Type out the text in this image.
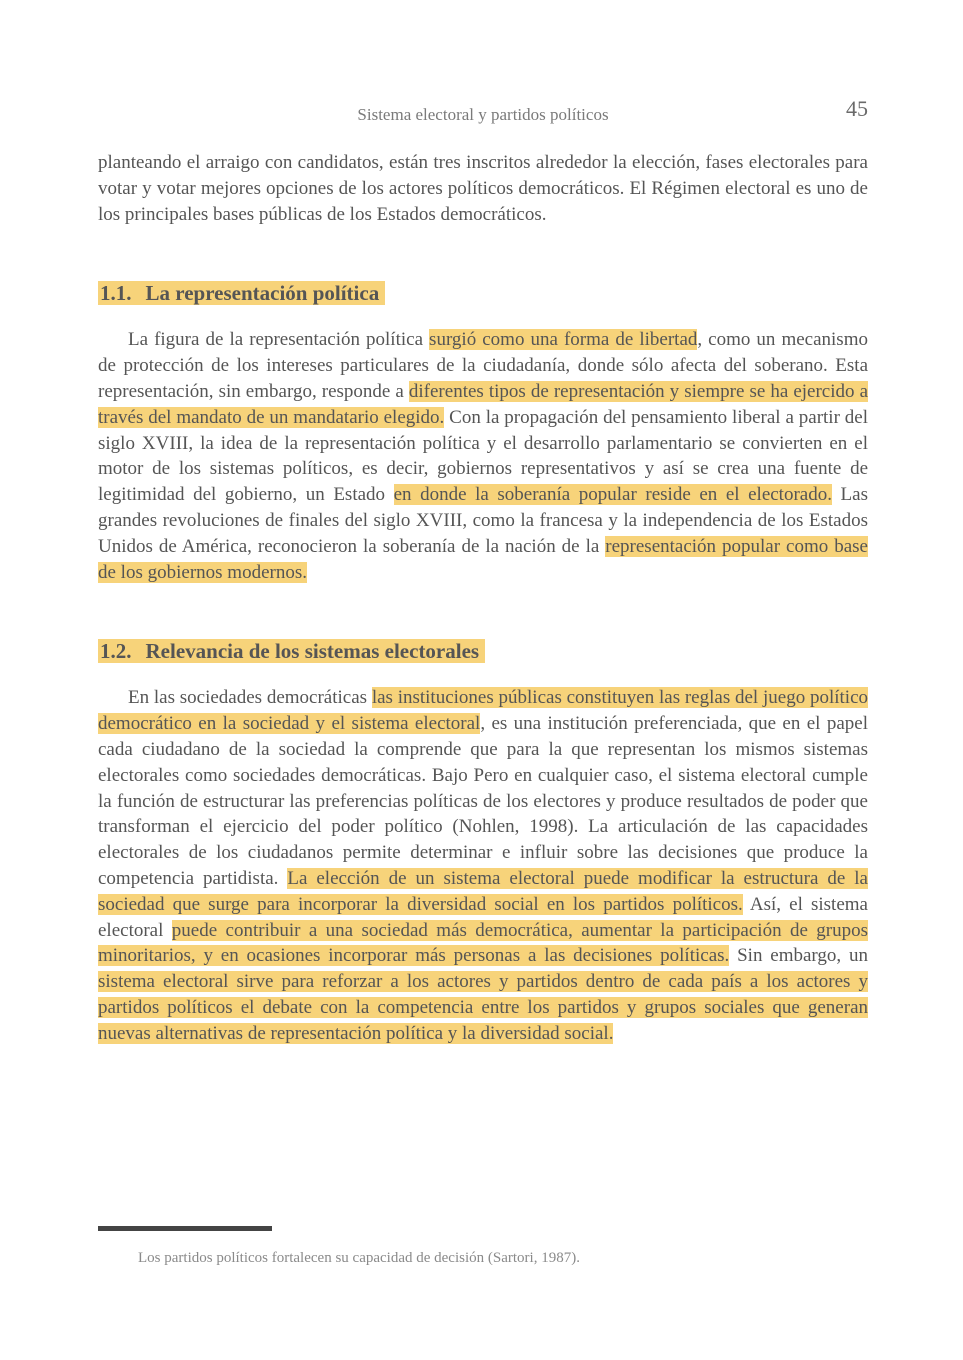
Sistema electoral y partidos políticos	45

planteando el arraigo con candidatos, están tres inscritos alrededor la elección, fases electorales para votar y votar mejores opciones de los actores políticos democráticos. El Régimen electoral es uno de los principales bases públicas de los Estados democráticos.

1.1. La representación política

La figura de la representación política surgió como una forma de libertad, como un mecanismo de protección de los intereses particulares de la ciudadanía, donde sólo afecta del soberano. Esta representación, sin embargo, responde a diferentes tipos de representación y siempre se ha ejercido a través del mandato de un mandatario elegido. Con la propagación del pensamiento liberal a partir del siglo XVIII, la idea de la representación política y el desarrollo parlamentario se convierten en el motor de los sistemas políticos, es decir, gobiernos representativos y así se crea una fuente de legitimidad del gobierno, un Estado en donde la soberanía popular reside en el electorado. Las grandes revoluciones de finales del siglo XVIII, como la francesa y la independencia de los Estados Unidos de América, reconocieron la soberanía de la nación de la representación popular como base de los gobiernos modernos.

1.2. Relevancia de los sistemas electorales

En las sociedades democráticas las instituciones públicas constituyen las reglas del juego político democrático en la sociedad y el sistema electoral, es una institución preferenciada, que en el papel cada ciudadano de la sociedad la comprende que para la que representan los mismos sistemas electorales como sociedades democráticas. Bajo Pero en cualquier caso, el sistema electoral cumple la función de estructurar las preferencias políticas de los electores y produce resultados de poder que transforman el ejercicio del poder político (Nohlen, 1998). La articulación de las capacidades electorales de los ciudadanos permite determinar e influir sobre las decisiones que produce la competencia partidista. La elección de un sistema electoral puede modificar la estructura de la sociedad que surge para incorporar la diversidad social en los partidos políticos. Así, el sistema electoral puede contribuir a una sociedad más democrática, aumentar la participación de grupos minoritarios, y en ocasiones incorporar más personas a las decisiones políticas. Sin embargo, un sistema electoral sirve para reforzar a los actores y partidos dentro de cada país a los actores y partidos políticos el debate con la competencia entre los partidos y grupos sociales que generan nuevas alternativas de representación política y la diversidad social.

Los partidos políticos fortalecen su capacidad de decisión (Sartori, 1987).
